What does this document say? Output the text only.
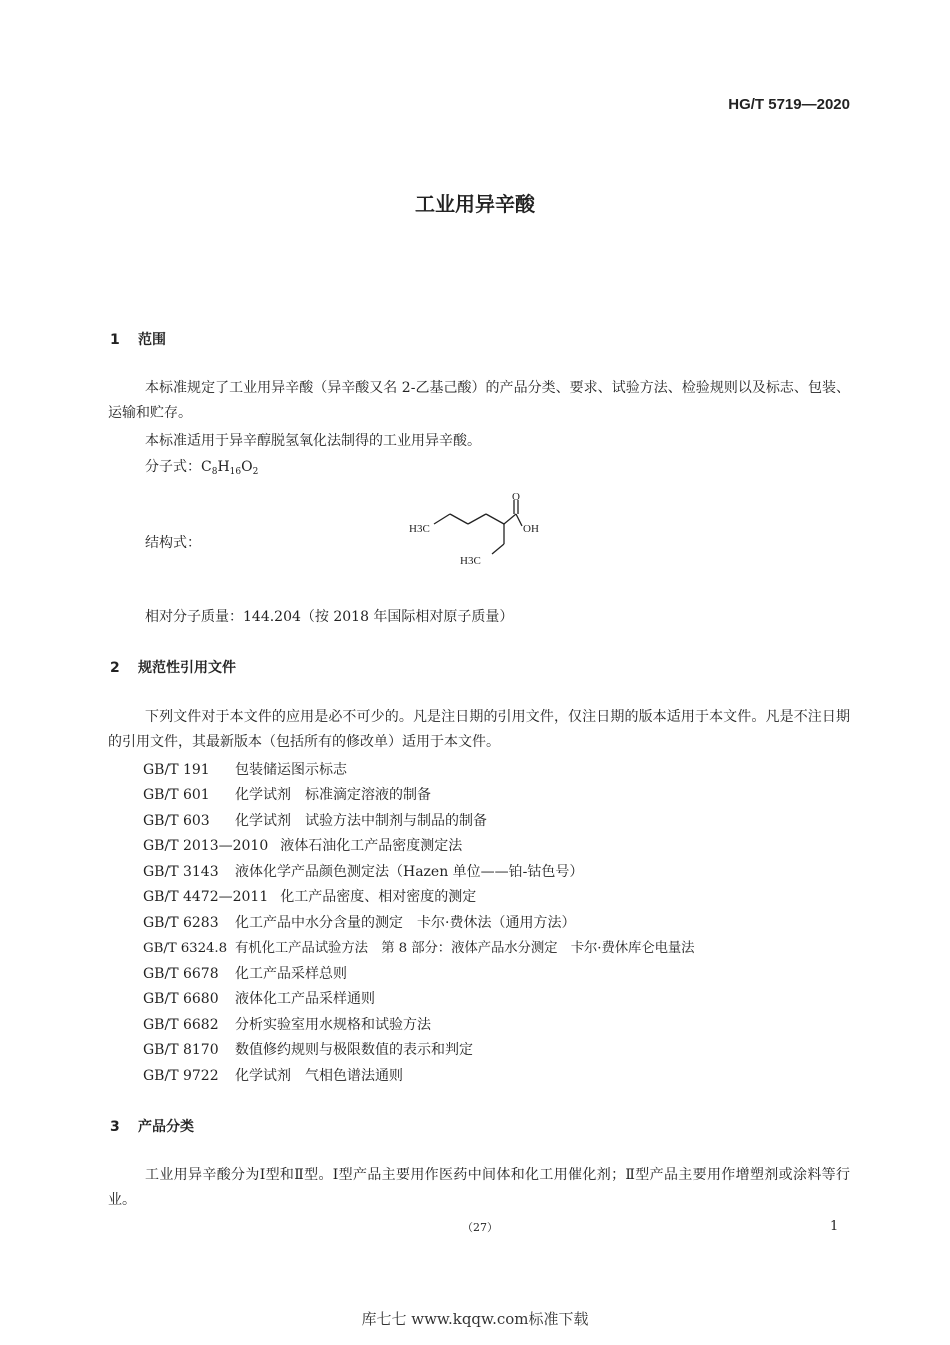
HG/T 5719—2020
工业用异辛酸
1 范围
本标准规定了工业用异辛酸（异辛酸又名 2-乙基己酸）的产品分类、要求、试验方法、检验规则以及标志、包装、运输和贮存。
本标准适用于异辛醇脱氢氧化法制得的工业用异辛酸。
分子式：$C_8H_{16}O_2$
结构式：
H3C
O
OH
H3C
相对分子质量：144.204（按 2018 年国际相对原子质量）
2 规范性引用文件
下列文件对于本文件的应用是必不可少的。凡是注日期的引用文件，仅注日期的版本适用于本文件。凡是不注日期的引用文件，其最新版本（包括所有的修改单）适用于本文件。
GB/T 191 包装储运图示标志
GB/T 601 化学试剂　标准滴定溶液的制备
GB/T 603 化学试剂　试验方法中制剂与制品的制备
GB/T 2013—2010 液体石油化工产品密度测定法
GB/T 3143 液体化学产品颜色测定法（Hazen 单位——铂-钴色号）
GB/T 4472—2011 化工产品密度、相对密度的测定
GB/T 6283 化工产品中水分含量的测定　卡尔·费休法（通用方法）
GB/T 6324.8 有机化工产品试验方法　第 8 部分：液体产品水分测定　卡尔·费休库仑电量法
GB/T 6678 化工产品采样总则
GB/T 6680 液体化工产品采样通则
GB/T 6682 分析实验室用水规格和试验方法
GB/T 8170 数值修约规则与极限数值的表示和判定
GB/T 9722 化学试剂　气相色谱法通则
3 产品分类
工业用异辛酸分为Ⅰ型和Ⅱ型。Ⅰ型产品主要用作医药中间体和化工用催化剂；Ⅱ型产品主要用作增塑剂或涂料等行业。
（27）	1
库七七 www.kqqw.com标准下载
